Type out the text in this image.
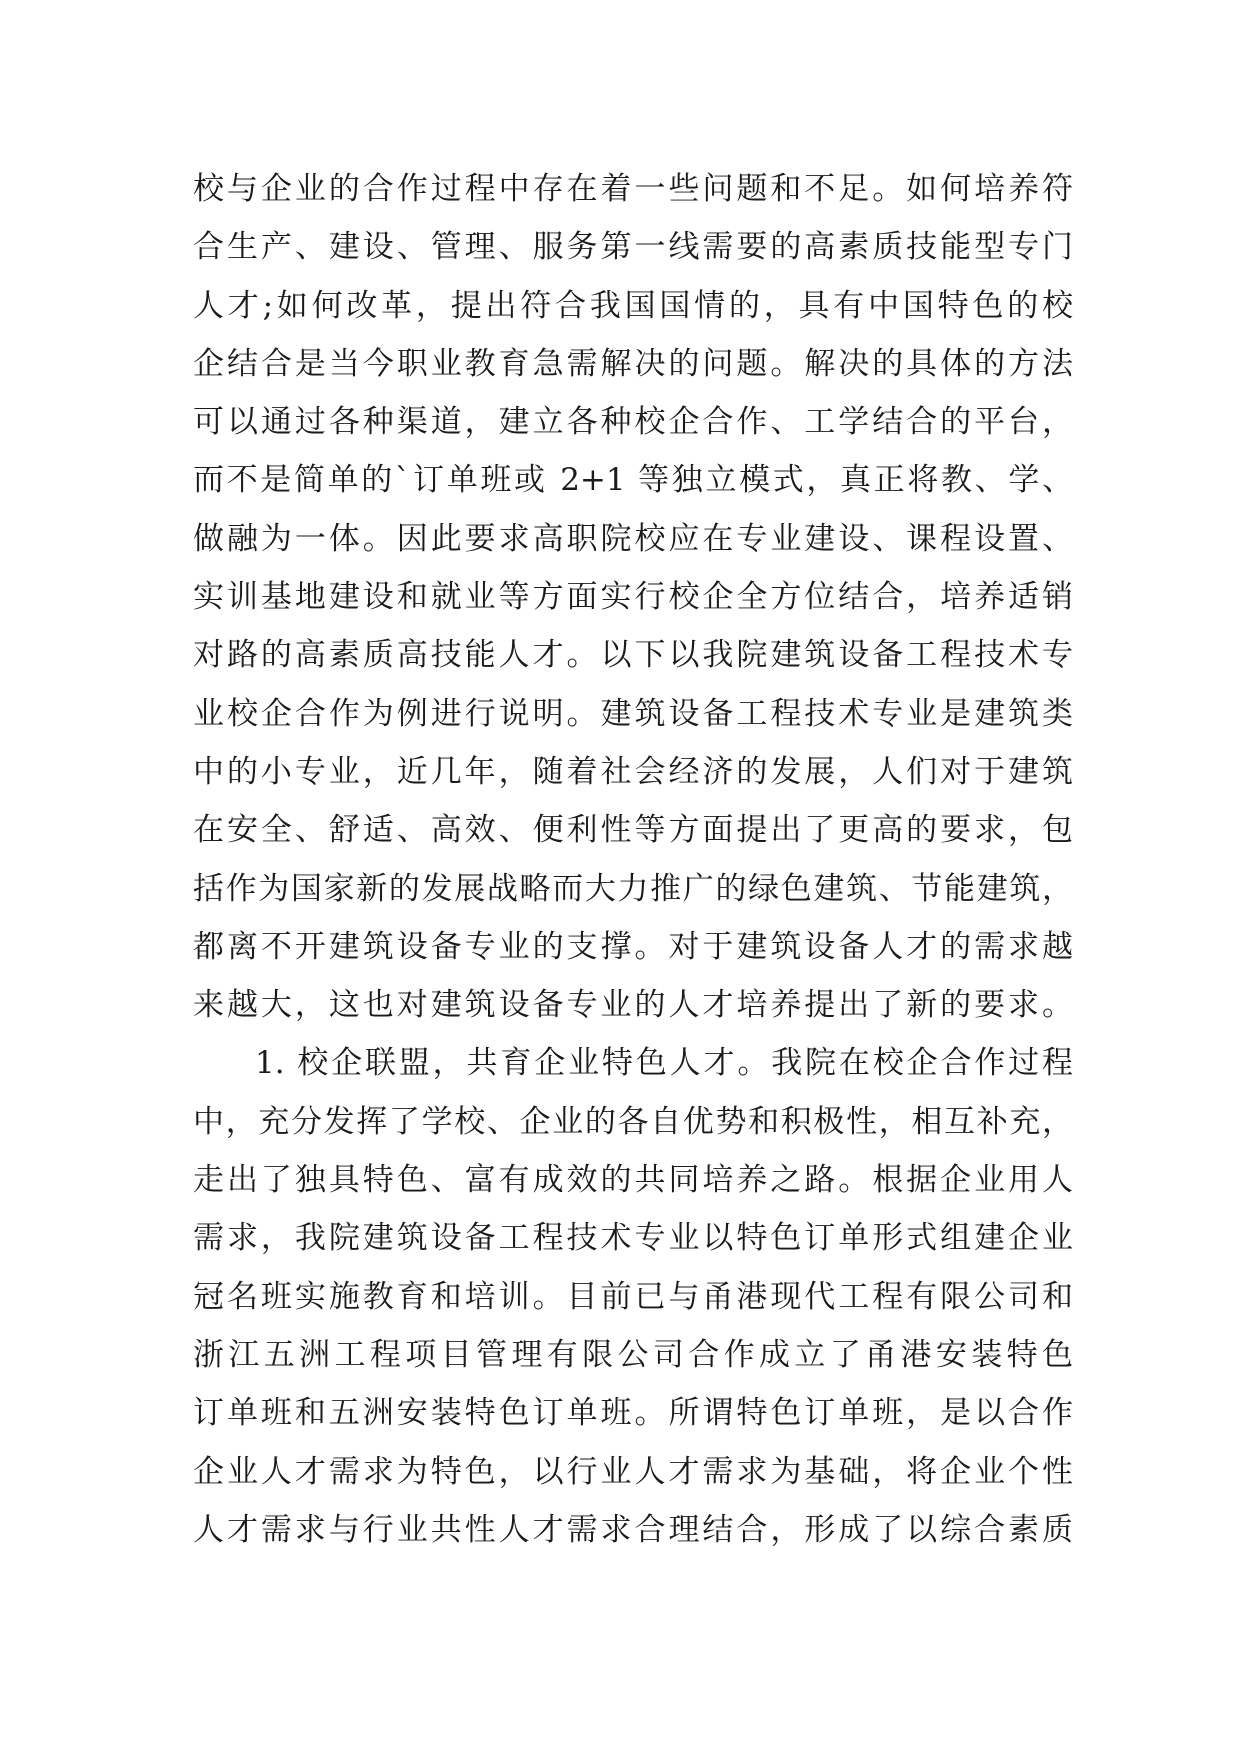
校与企业的合作过程中存在着一些问题和不足。如何培养符
合生产、建设、管理、服务第一线需要的高素质技能型专门
人才;如何改革，提出符合我国国情的，具有中国特色的校
企结合是当今职业教育急需解决的问题。解决的具体的方法
可以通过各种渠道，建立各种校企合作、工学结合的平台，
而不是简单的`订单班或 2+1 等独立模式，真正将教、学、
做融为一体。因此要求高职院校应在专业建设、课程设置、
实训基地建设和就业等方面实行校企全方位结合，培养适销
对路的高素质高技能人才。以下以我院建筑设备工程技术专
业校企合作为例进行说明。建筑设备工程技术专业是建筑类
中的小专业，近几年，随着社会经济的发展，人们对于建筑
在安全、舒适、高效、便利性等方面提出了更高的要求，包
括作为国家新的发展战略而大力推广的绿色建筑、节能建筑，
都离不开建筑设备专业的支撑。对于建筑设备人才的需求越
来越大，这也对建筑设备专业的人才培养提出了新的要求。
1. 校企联盟，共育企业特色人才。我院在校企合作过程
中，充分发挥了学校、企业的各自优势和积极性，相互补充，
走出了独具特色、富有成效的共同培养之路。根据企业用人
需求，我院建筑设备工程技术专业以特色订单形式组建企业
冠名班实施教育和培训。目前已与甬港现代工程有限公司和
浙江五洲工程项目管理有限公司合作成立了甬港安装特色
订单班和五洲安装特色订单班。所谓特色订单班，是以合作
企业人才需求为特色，以行业人才需求为基础，将企业个性
人才需求与行业共性人才需求合理结合，形成了以综合素质
